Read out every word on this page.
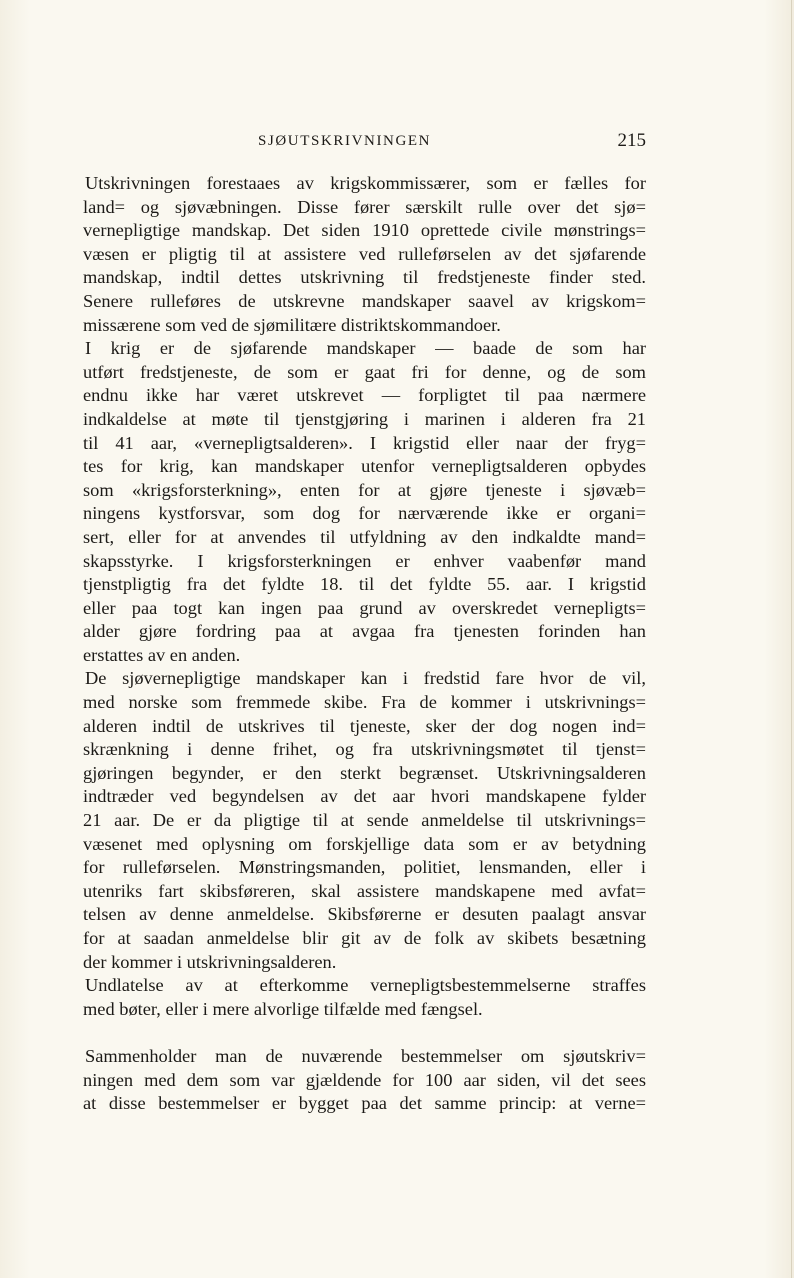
SJØUTSKRIVNINGEN	215
Utskrivningen forestaaes av krigskommissærer, som er fælles for
land= og sjøvæbningen. Disse fører særskilt rulle over det sjø=
vernepligtige mandskap. Det siden 1910 oprettede civile mønstrings=
væsen er pligtig til at assistere ved rulleførselen av det sjøfarende
mandskap, indtil dettes utskrivning til fredstjeneste finder sted.
Senere rulleføres de utskrevne mandskaper saavel av krigskom=
missærene som ved de sjømilitære distriktskommandoer.
I krig er de sjøfarende mandskaper — baade de som har
utført fredstjeneste, de som er gaat fri for denne, og de som
endnu ikke har været utskrevet — forpligtet til paa nærmere
indkaldelse at møte til tjenstgjøring i marinen i alderen fra 21
til 41 aar, «vernepligtsalderen». I krigstid eller naar der fryg=
tes for krig, kan mandskaper utenfor vernepligtsalderen opbydes
som «krigsforsterkning», enten for at gjøre tjeneste i sjøvæb=
ningens kystforsvar, som dog for nærværende ikke er organi=
sert, eller for at anvendes til utfyldning av den indkaldte mand=
skapsstyrke. I krigsforsterkningen er enhver vaabenfør mand
tjenstpligtig fra det fyldte 18. til det fyldte 55. aar. I krigstid
eller paa togt kan ingen paa grund av overskredet vernepligts=
alder gjøre fordring paa at avgaa fra tjenesten forinden han
erstattes av en anden.
De sjøvernepligtige mandskaper kan i fredstid fare hvor de vil,
med norske som fremmede skibe. Fra de kommer i utskrivnings=
alderen indtil de utskrives til tjeneste, sker der dog nogen ind=
skrænkning i denne frihet, og fra utskrivningsmøtet til tjenst=
gjøringen begynder, er den sterkt begrænset. Utskrivningsalderen
indtræder ved begyndelsen av det aar hvori mandskapene fylder
21 aar. De er da pligtige til at sende anmeldelse til utskrivnings=
væsenet med oplysning om forskjellige data som er av betydning
for rulleførselen. Mønstringsmanden, politiet, lensmanden, eller i
utenriks fart skibsføreren, skal assistere mandskapene med avfat=
telsen av denne anmeldelse. Skibsførerne er desuten paalagt ansvar
for at saadan anmeldelse blir git av de folk av skibets besætning
der kommer i utskrivningsalderen.
Undlatelse av at efterkomme vernepligtsbestemmelserne straffes
med bøter, eller i mere alvorlige tilfælde med fængsel.
Sammenholder man de nuværende bestemmelser om sjøutskriv=
ningen med dem som var gjældende for 100 aar siden, vil det sees
at disse bestemmelser er bygget paa det samme princip: at verne=
